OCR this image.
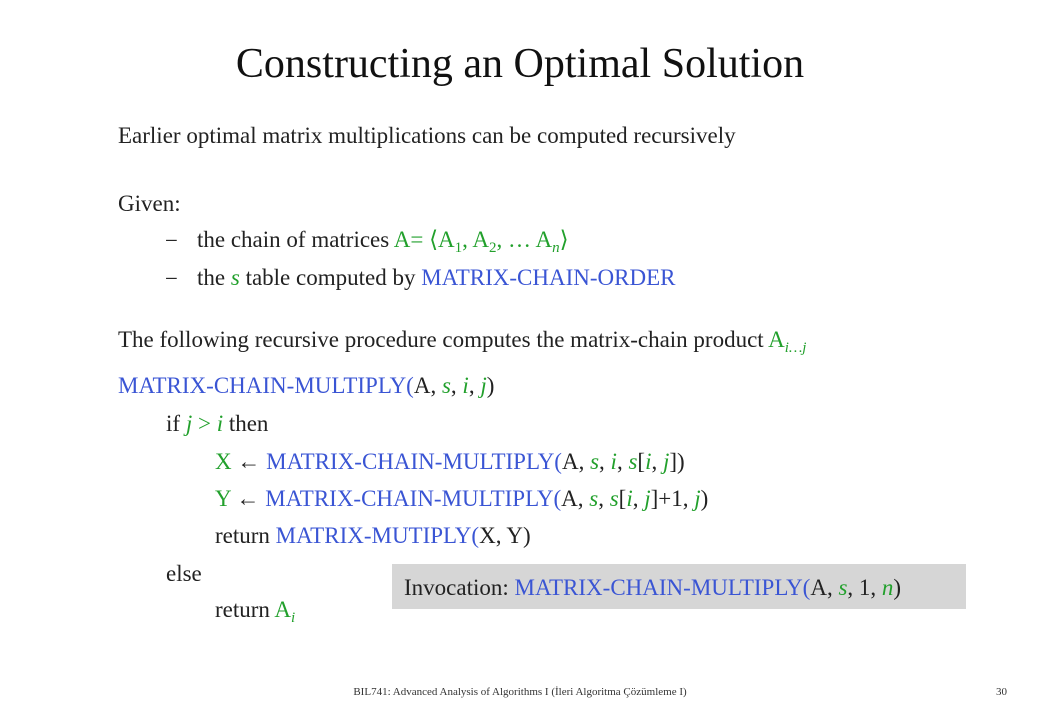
Constructing an Optimal Solution
Earlier optimal matrix multiplications can be computed recursively
Given:
− the chain of matrices $A= ⟨A_1$, $A_2$, … $A_n⟩$
− the s table computed by MATRIX-CHAIN-ORDER
The following recursive procedure computes the matrix-chain product $A_{i\dots j}$
MATRIX-CHAIN-MULTIPLY(A, s, i, j)
if j > i then
X ← MATRIX-CHAIN-MULTIPLY(A, s, i, s[i, j])
Y ← MATRIX-CHAIN-MULTIPLY(A, s, s[i, j]+1, j)
return MATRIX-MUTIPLY(X, Y)
else
return $A_i$
Invocation: MATRIX-CHAIN-MULTIPLY(A, s, 1, n)
BIL741: Advanced Analysis of Algorithms I (İleri Algoritma Çözümleme I)	30
